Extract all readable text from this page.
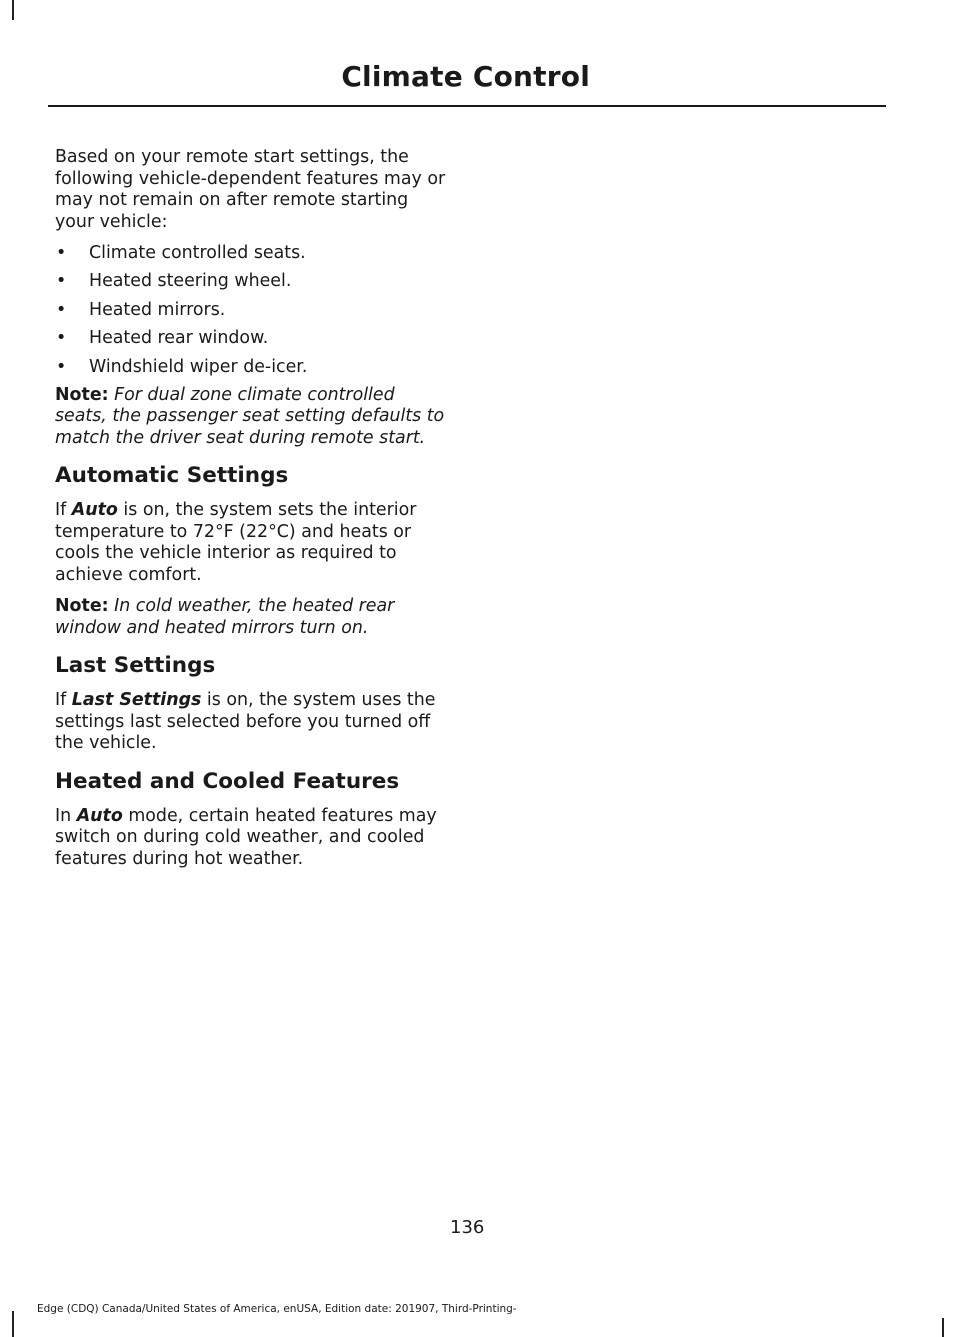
Climate Control

Based on your remote start settings, the following vehicle-dependent features may or may not remain on after remote starting your vehicle:

• Climate controlled seats.
• Heated steering wheel.
• Heated mirrors.
• Heated rear window.
• Windshield wiper de-icer.

Note: For dual zone climate controlled seats, the passenger seat setting defaults to match the driver seat during remote start.

Automatic Settings

If Auto is on, the system sets the interior temperature to 72°F (22°C) and heats or cools the vehicle interior as required to achieve comfort.

Note: In cold weather, the heated rear window and heated mirrors turn on.

Last Settings

If Last Settings is on, the system uses the settings last selected before you turned off the vehicle.

Heated and Cooled Features

In Auto mode, certain heated features may switch on during cold weather, and cooled features during hot weather.

136
Edge (CDQ) Canada/United States of America, enUSA, Edition date: 201907, Third-Printing-
